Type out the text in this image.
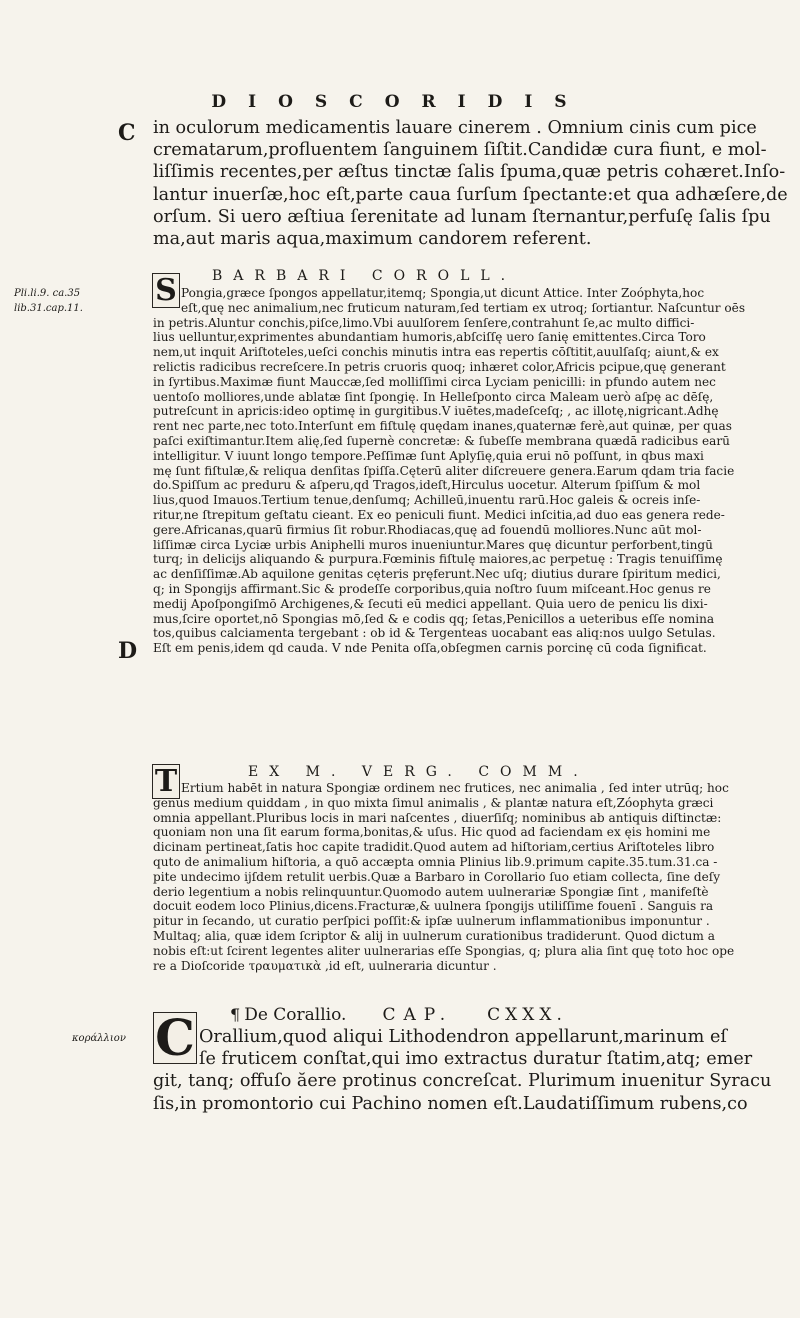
DIOSCORIDIS
C
D
Pli.li.9. ca.35
lib.31.cap.11.
κοράλλιον
in oculorum medicamentis lauare cinerem . Omnium cinis cum pice
crematarum,profluentem ſanguinem ſiſtit.Candidæ cura fiunt, e mol-
liſſimis recentes,per æſtus tinctæ ſalis ſpuma,quæ petris cohæret.Inſo-
lantur inuerſæ,hoc eſt,parte caua ſurſum ſpectante:et qua adhæſere,de
orſum. Si uero æſtiua ſerenitate ad lunam ſternantur,perfuſę ſalis ſpu
ma,aut maris aqua,maximum candorem referent.
BARBARI COROLL.
S Pongia,græce ſpongos appellatur,itemq; Spongia,ut dicunt Attice. Inter Zoóphyta,hoc
eſt,quę nec animalium,nec fruticum naturam,ſed tertiam ex utroq; ſortiantur. Naſcuntur oēs
in petris.Aluntur conchis,piſce,limo.Vbi auulſorem ſenſere,contrahunt ſe,ac multo diffici-
lius uelluntur,exprimentes abundantiam humoris,abſciſſę uero ſanię emittentes.Circa Toro
nem,ut inquit Ariſtoteles,ueſci conchis minutis intra eas repertis cōſtitit,auulſaſq; aiunt,& ex
relictis radicibus recreſcere.In petris cruoris quoq; inhæret color,Africis pcipue,quę generant
in ſyrtibus.Maximæ fiunt Mauccæ,ſed molliſſimi circa Lyciam penicilli: in pfundo autem nec
uentoſo molliores,unde ablatæ ſint ſpongię. In Helleſponto circa Maleam uerò aſpę ac dēſę,
putreſcunt in apricis:ideo optimę in gurgitibus.V iuētes,madeſceſq; , ac illotę,nigricant.Adhę
rent nec parte,nec toto.Interſunt em fiſtulę quędam inanes,quaternæ ferè,aut quinæ, per quas
paſci exiſtimantur.Item alię,ſed ſupernè concretæ: & ſubeſſe membrana quædā radicibus earū
intelligitur. V iuunt longo tempore.Peſſimæ ſunt Aplyſię,quia erui nō poſſunt, in qbus maxi
mę ſunt fiſtulæ,& reliqua denſitas ſpiſſa.Cęterū aliter diſcreuere genera.Earum qdam tria facie
do.Spiſſum ac preduru & aſperu,qd Tragos,ideſt,Hirculus uocetur. Alterum ſpiſſum & mol
lius,quod Imauos.Tertium tenue,denſumq; Achilleū,inuentu rarū.Hoc galeis & ocreis inſe-
ritur,ne ſtrepitum geſtatu cieant. Ex eo peniculi fiunt. Medici inſcitia,ad duo eas genera rede-
gere.Africanas,quarū firmius ſit robur.Rhodiacas,quę ad fouendū molliores.Nunc aūt mol-
liſſimæ circa Lyciæ urbis Aniphelli muros inueniuntur.Mares quę dicuntur perforbent,tingū
turq; in delicijs aliquando & purpura.Fœminis fiſtulę maiores,ac perpetuę : Tragis tenuiſſimę
ac denſiſſimæ.Ab aquilone genitas cęteris pręferunt.Nec uſq; diutius durare ſpiritum medici,
q; in Spongijs affirmant.Sic & prodeſſe corporibus,quia noſtro ſuum miſceant.Hoc genus re
medij Apoſpongiſmō Archigenes,& ſecuti eū medici appellant. Quia uero de penicu lis dixi-
mus,ſcire oportet,nō Spongias mō,ſed & e codis qq; ſetas,Penicillos a ueteribus eſſe nomina
tos,quibus calciamenta tergebant : ob id & Tergenteas uocabant eas aliq:nos uulgo Setulas.
Eſt em penis,idem qd cauda. V nde Penita oſſa,obſegmen carnis porcinę cū coda ſignificat.
EX M. VERG. COMM.
T Ertium habēt in natura Spongiæ ordinem nec frutices, nec animalia , ſed inter utrūq; hoc
genus medium quiddam , in quo mixta ſimul animalis , & plantæ natura eſt,Zóophyta græci
omnia appellant.Pluribus locis in mari naſcentes , diuerſiſq; nominibus ab antiquis diſtinctæ:
quoniam non una ſit earum forma,bonitas,& uſus. Hic quod ad faciendam ex ęis homini me
dicinam pertineat,ſatis hoc capite tradidit.Quod autem ad hiſtoriam,certius Ariſtoteles libro
quto de animalium hiſtoria, a quō accæpta omnia Plinius lib.9.primum capite.35.tum.31.ca -
pite undecimo ijſdem retulit uerbis.Quæ a Barbaro in Corollario ſuo etiam collecta, ſine deſy
derio legentium a nobis relinquuntur.Quomodo autem uulnerariæ Spongiæ ſint , manifeſtè
docuit eodem loco Plinius,dicens.Fracturæ,& uulnera ſpongijs utiliſſime fouenī . Sanguis ra
pitur in ſecando, ut curatio perſpici poſſit:& ipſæ uulnerum inflammationibus imponuntur .
Multaq; alia, quæ idem ſcriptor & alij in uulnerum curationibus tradiderunt. Quod dictum a
nobis eſt:ut ſcirent legentes aliter uulnerarias eſſe Spongias, q; plura alia ſint quę toto hoc ope
re a Dioſcoride τραυματικὰ ,id eſt, uulneraria dicuntur .
¶ De Corallio. CAP. CXXX.
C Orallium,quod aliqui Lithodendron appellarunt,marinum eſ
ſe fruticem conſtat,qui imo extractus duratur ſtatim,atq; emer
git, tanq; offuſo ăere protinus concreſcat. Plurimum inuenitur Syracu
ſis,in promontorio cui Pachino nomen eſt.Laudatiſſimum rubens,co
